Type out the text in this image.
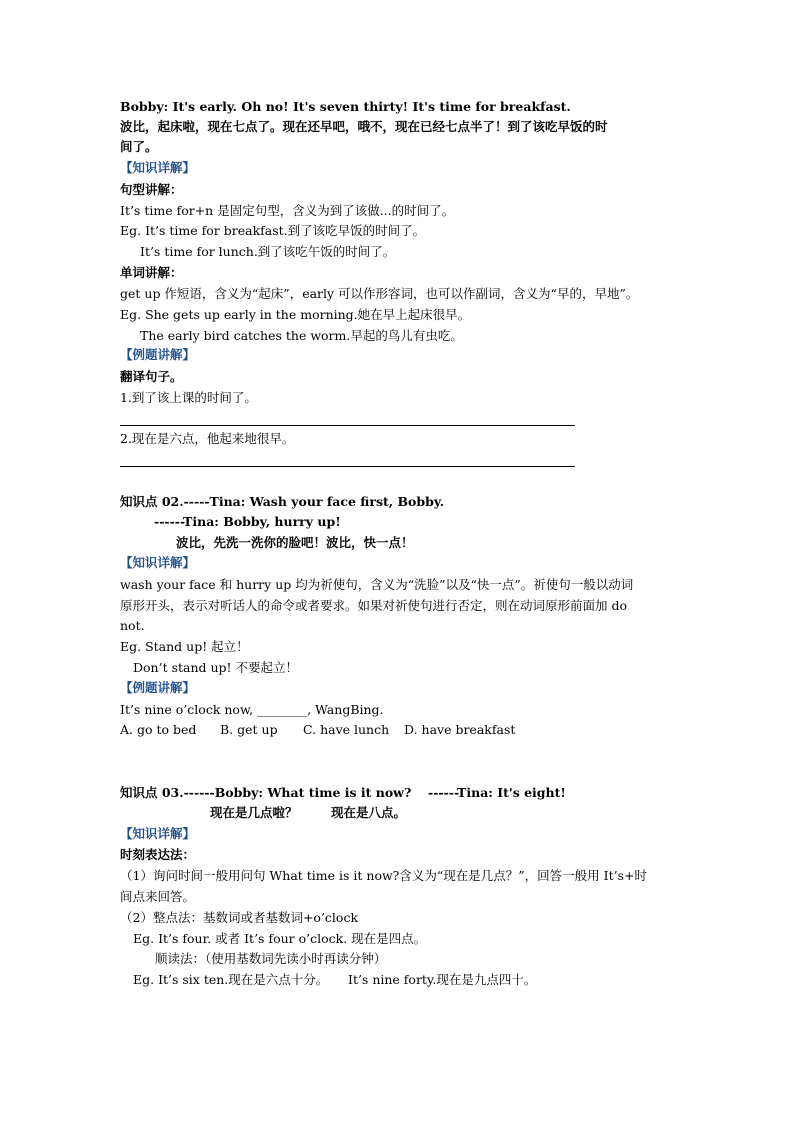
Bobby: It's early. Oh no! It's seven thirty! It's time for breakfast.
波比，起床啦，现在七点了。现在还早吧，哦不，现在已经七点半了！到了该吃早饭的时
间了。
【知识详解】
句型讲解：
It’s time for+n 是固定句型，含义为到了该做...的时间了。
Eg. It’s time for breakfast.到了该吃早饭的时间了。
It’s time for lunch.到了该吃午饭的时间了。
单词讲解：
get up 作短语，含义为“起床”，early 可以作形容词，也可以作副词，含义为“早的，早地”。
Eg. She gets up early in the morning.她在早上起床很早。
The early bird catches the worm.早起的鸟儿有虫吃。
【例题讲解】
翻译句子。
1.到了该上课的时间了。
2.现在是六点，他起来地很早。
知识点 02.-----Tina: Wash your face first, Bobby.
------Tina: Bobby, hurry up!
波比，先洗一洗你的脸吧！波比，快一点！
【知识详解】
wash your face 和 hurry up 均为祈使句，含义为“洗脸”以及“快一点”。祈使句一般以动词
原形开头，表示对听话人的命令或者要求。如果对祈使句进行否定，则在动词原形前面加 do
not.
Eg. Stand up! 起立！
Don’t stand up! 不要起立！
【例题讲解】
It’s nine o’clock now, ________, WangBing.
A. go to bed B. get up C. have lunch D. have breakfast
知识点 03.------Bobby: What time is it now? ------Tina: It's eight!
现在是几点啦？	现在是八点。
【知识详解】
时刻表达法：
（1）询问时间一般用问句 What time is it now?含义为“现在是几点？”，回答一般用 It’s+时
间点来回答。
（2）整点法：基数词或者基数词+o’clock
Eg. It’s four. 或者 It’s four o’clock. 现在是四点。
顺读法：（使用基数词先读小时再读分钟）
Eg. It’s six ten.现在是六点十分。 It’s nine forty.现在是九点四十。
